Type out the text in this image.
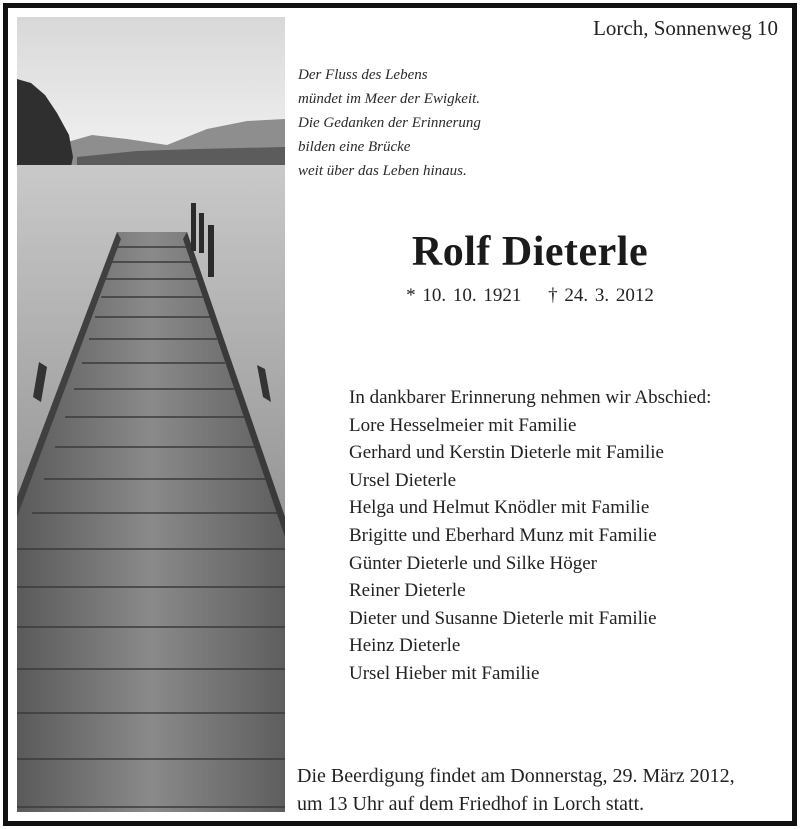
Lorch, Sonnenweg 10
Der Fluss des Lebens
mündet im Meer der Ewigkeit.
Die Gedanken der Erinnerung
bilden eine Brücke
weit über das Leben hinaus.
Rolf Dieterle
* 10. 10. 1921 † 24. 3. 2012
In dankbarer Erinnerung nehmen wir Abschied:
Lore Hesselmeier mit Familie
Gerhard und Kerstin Dieterle mit Familie
Ursel Dieterle
Helga und Helmut Knödler mit Familie
Brigitte und Eberhard Munz mit Familie
Günter Dieterle und Silke Höger
Reiner Dieterle
Dieter und Susanne Dieterle mit Familie
Heinz Dieterle
Ursel Hieber mit Familie
Die Beerdigung findet am Donnerstag, 29. März 2012,
um 13 Uhr auf dem Friedhof in Lorch statt.
